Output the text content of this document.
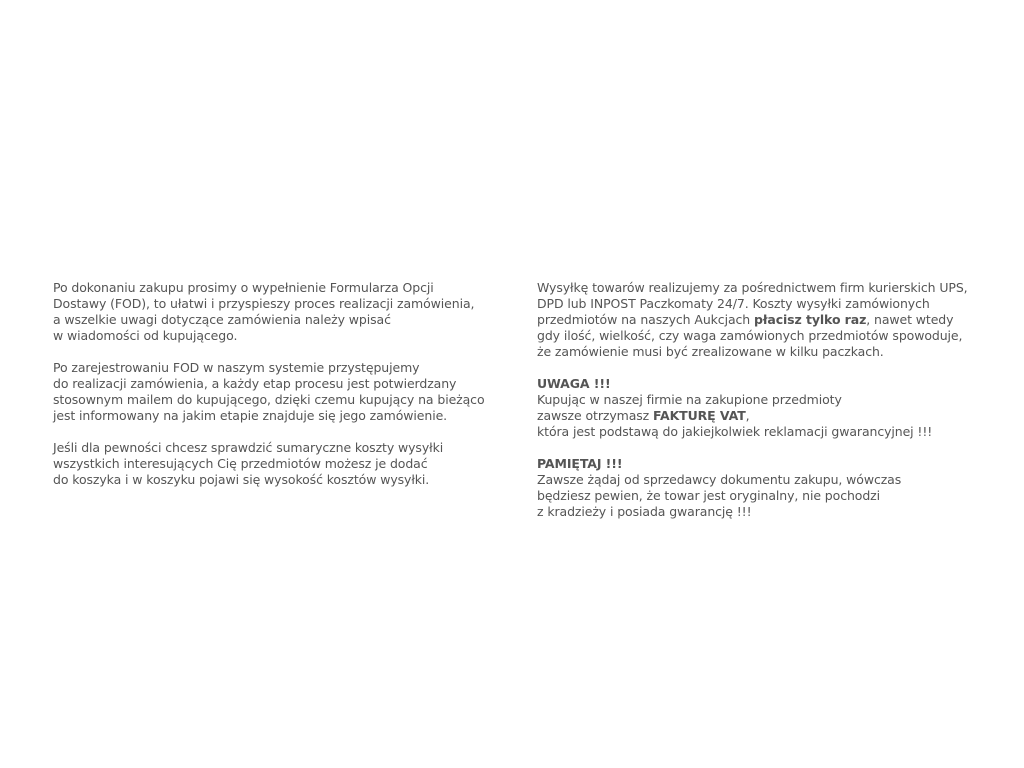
Po dokonaniu zakupu prosimy o wypełnienie Formularza Opcji
Dostawy (FOD), to ułatwi i przyspieszy proces realizacji zamówienia,
a wszelkie uwagi dotyczące zamówienia należy wpisać
w wiadomości od kupującego.

Po zarejestrowaniu FOD w naszym systemie przystępujemy
do realizacji zamówienia, a każdy etap procesu jest potwierdzany
stosownym mailem do kupującego, dzięki czemu kupujący na bieżąco
jest informowany na jakim etapie znajduje się jego zamówienie.

Jeśli dla pewności chcesz sprawdzić sumaryczne koszty wysyłki
wszystkich interesujących Cię przedmiotów możesz je dodać
do koszyka i w koszyku pojawi się wysokość kosztów wysyłki.

Wysyłkę towarów realizujemy za pośrednictwem firm kurierskich UPS,
DPD lub INPOST Paczkomaty 24/7. Koszty wysyłki zamówionych
przedmiotów na naszych Aukcjach płacisz tylko raz, nawet wtedy
gdy ilość, wielkość, czy waga zamówionych przedmiotów spowoduje,
że zamówienie musi być zrealizowane w kilku paczkach.

UWAGA !!!
Kupując w naszej firmie na zakupione przedmioty
zawsze otrzymasz FAKTURĘ VAT,
która jest podstawą do jakiejkolwiek reklamacji gwarancyjnej !!!

PAMIĘTAJ !!!
Zawsze żądaj od sprzedawcy dokumentu zakupu, wówczas
będziesz pewien, że towar jest oryginalny, nie pochodzi
z kradzieży i posiada gwarancję !!!
